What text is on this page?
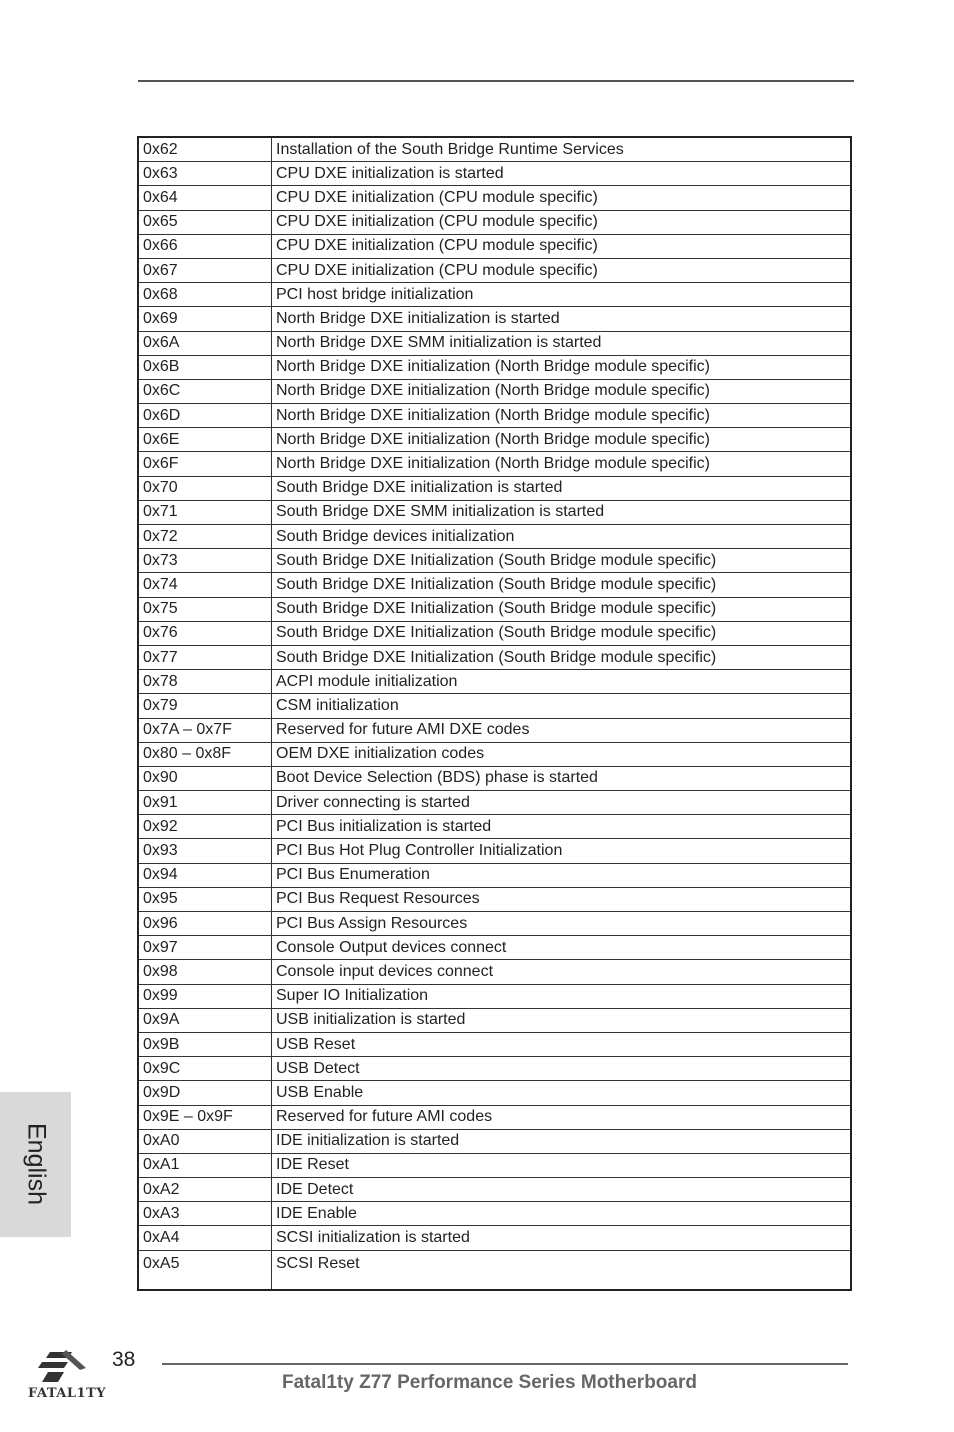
0x62	Installation of the South Bridge Runtime Services
0x63	CPU DXE initialization is started
0x64	CPU DXE initialization (CPU module specific)
0x65	CPU DXE initialization (CPU module specific)
0x66	CPU DXE initialization (CPU module specific)
0x67	CPU DXE initialization (CPU module specific)
0x68	PCI host bridge initialization
0x69	North Bridge DXE initialization is started
0x6A	North Bridge DXE SMM initialization is started
0x6B	North Bridge DXE initialization (North Bridge module specific)
0x6C	North Bridge DXE initialization (North Bridge module specific)
0x6D	North Bridge DXE initialization (North Bridge module specific)
0x6E	North Bridge DXE initialization (North Bridge module specific)
0x6F	North Bridge DXE initialization (North Bridge module specific)
0x70	South Bridge DXE initialization is started
0x71	South Bridge DXE SMM initialization is started
0x72	South Bridge devices initialization
0x73	South Bridge DXE Initialization (South Bridge module specific)
0x74	South Bridge DXE Initialization (South Bridge module specific)
0x75	South Bridge DXE Initialization (South Bridge module specific)
0x76	South Bridge DXE Initialization (South Bridge module specific)
0x77	South Bridge DXE Initialization (South Bridge module specific)
0x78	ACPI module initialization
0x79	CSM initialization
0x7A – 0x7F	Reserved for future AMI DXE codes
0x80 – 0x8F	OEM DXE initialization codes
0x90	Boot Device Selection (BDS) phase is started
0x91	Driver connecting is started
0x92	PCI Bus initialization is started
0x93	PCI Bus Hot Plug Controller Initialization
0x94	PCI Bus Enumeration
0x95	PCI Bus Request Resources
0x96	PCI Bus Assign Resources
0x97	Console Output devices connect
0x98	Console input devices connect
0x99	Super IO Initialization
0x9A	USB initialization is started
0x9B	USB Reset
0x9C	USB Detect
0x9D	USB Enable
0x9E – 0x9F	Reserved for future AMI codes
0xA0	IDE initialization is started
0xA1	IDE Reset
0xA2	IDE Detect
0xA3	IDE Enable
0xA4	SCSI initialization is started
0xA5	SCSI Reset
English
FATAL1TY
38
Fatal1ty Z77 Performance Series Motherboard
